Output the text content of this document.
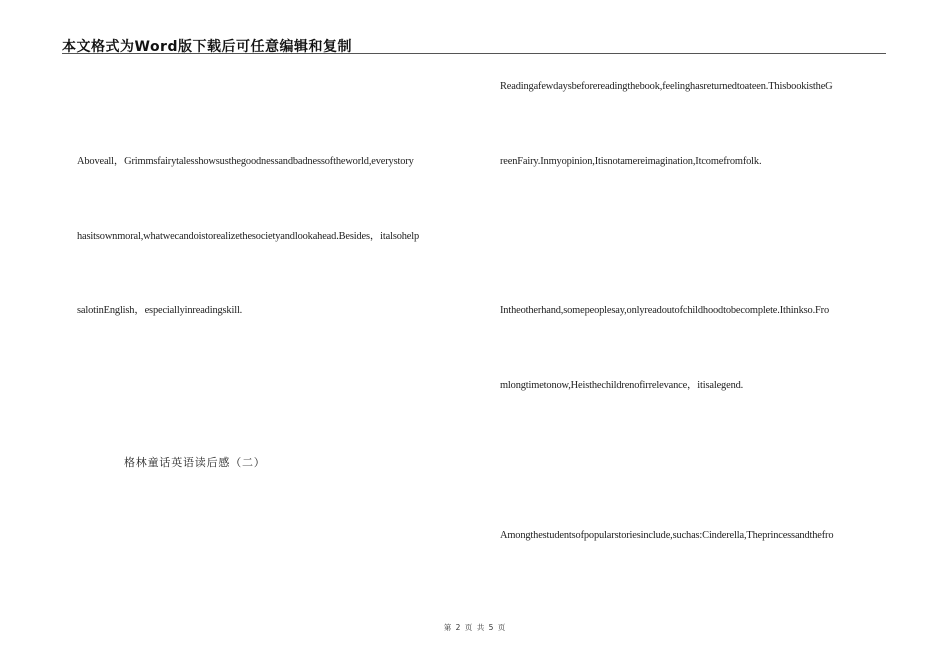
本文格式为Word版下载后可任意编辑和复制
Aboveall，Grimmsfairytalesshowsusthegoodnessandbadnessoftheworld,everystory
hasitsownmoral,whatwecandoistorealizethesocietyandlookahead.Besides，italsohelp
salotinEnglish，especiallyinreadingskill.
格林童话英语读后感（二）
Readingafewdaysbeforereadingthebook,feelinghasreturnedtoateen.ThisbookistheG
reenFairy.Inmyopinion,Itisnotamereimagination,Itcomefromfolk.
Intheotherhand,somepeoplesay,onlyreadoutofchildhoodtobecomplete.Ithinkso.Fro
mlongtimetonow,Heisthechildrenofirrelevance，itisalegend.
Amongthestudentsofpopularstoriesinclude,suchas:Cinderella,Theprincessandthefro
第 2 页 共 5 页
